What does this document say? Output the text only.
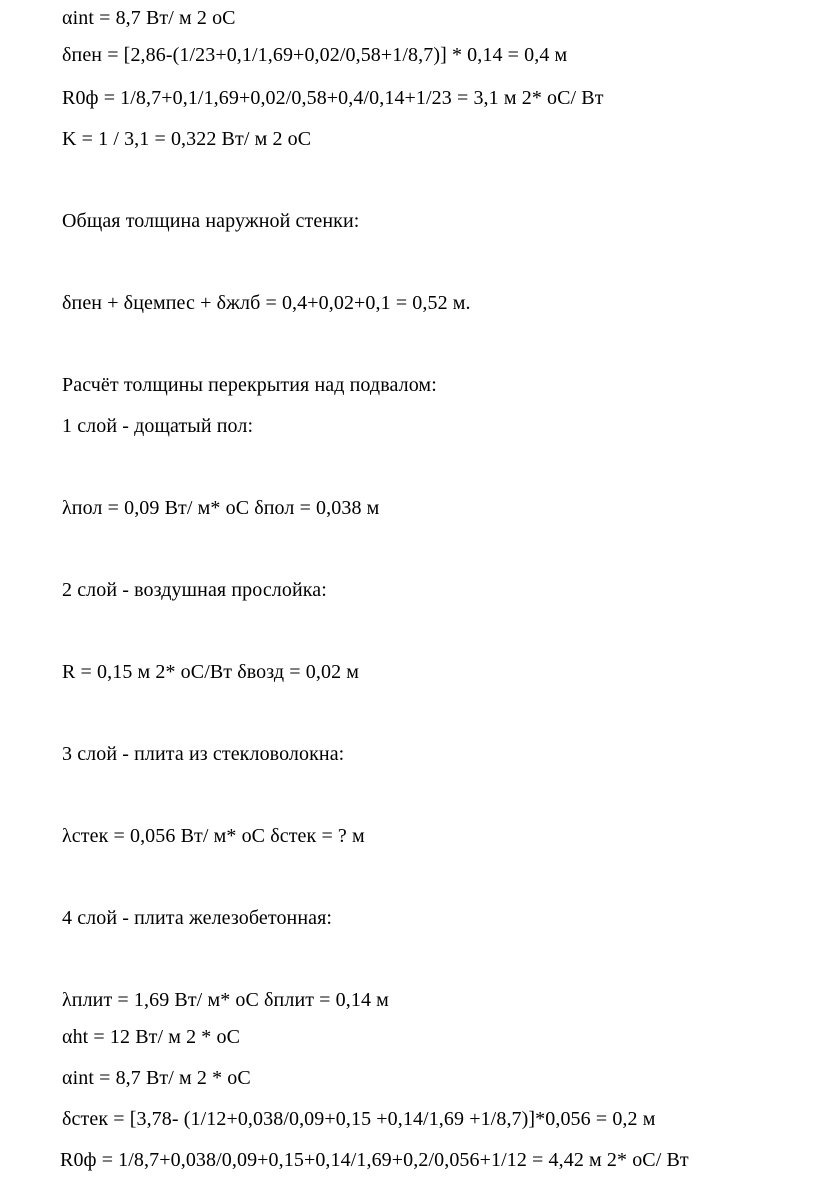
αint = 8,7 Вт/ м 2 оС
δпен = [2,86-(1/23+0,1/1,69+0,02/0,58+1/8,7)] * 0,14 = 0,4 м
R0ф = 1/8,7+0,1/1,69+0,02/0,58+0,4/0,14+1/23 = 3,1 м 2* оС/ Вт
K = 1 / 3,1 = 0,322 Вт/ м 2 оС
Общая толщина наружной стенки:
δпен + δцемпес + δжлб = 0,4+0,02+0,1 = 0,52 м.
Расчёт толщины перекрытия над подвалом:
1 слой - дощатый пол:
λпол = 0,09 Вт/ м* оС δпол = 0,038 м
2 слой - воздушная прослойка:
R = 0,15 м 2* оС/Вт δвозд = 0,02 м
3 слой - плита из стекловолокна:
λстек = 0,056 Вт/ м* оС δстек = ? м
4 слой - плита железобетонная:
λплит = 1,69 Вт/ м* оС δплит = 0,14 м
αht = 12 Вт/ м 2 * оС
αint = 8,7 Вт/ м 2 * оС
δстек = [3,78- (1/12+0,038/0,09+0,15 +0,14/1,69 +1/8,7)]*0,056 = 0,2 м
R0ф = 1/8,7+0,038/0,09+0,15+0,14/1,69+0,2/0,056+1/12 = 4,42 м 2* оС/ Вт
